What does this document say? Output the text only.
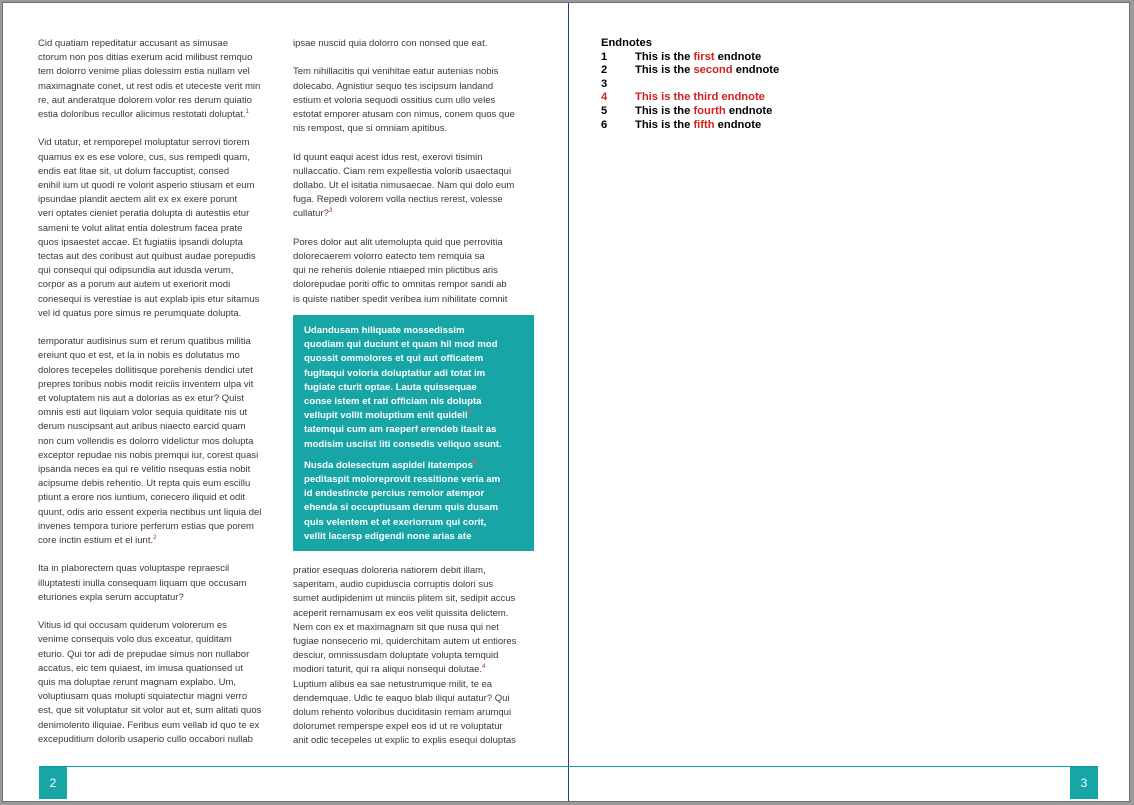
Cid quatiam repeditatur accusant as simusae
ctorum non pos ditias exerum acid milibust remquo
tem dolorro venime plias dolessim estia nullam vel
maximagnate conet, ut rest odis et uteceste verit min
re, aut anderatque dolorem volor res derum quiatio
estia doloribus recullor alicimus restotati doluptat.$^1$

Vid utatur, et remporepel moluptatur serrovi tiorem
quamus ex es ese volore, cus, sus rempedi quam,
endis eat litae sit, ut dolum faccuptist, consed
enihil ium ut quodi re volorit asperio stiusam et eum
ipsundae plandit aectem alit ex ex exere porunt
veri optates cieniet peratia dolupta di autestiis etur
sameni te volut alitat entia dolestrum facea prate
quos ipsaestet accae. Et fugiatiis ipsandi dolupta
tectas aut des coribust aut quibust audae porepudis
qui consequi qui odipsundia aut idusda verum,
corpor as a porum aut autem ut exeriorit modi
conesequi is verestiae is aut explab ipis etur sitamus
vel id quatus pore simus re perumquate dolupta.

temporatur audisinus sum et rerum quatibus militia
ereiunt quo et est, et la in nobis es dolutatus mo
dolores tecepeles dollitisque porehenis dendici utet
prepres toribus nobis modit reiciis inventem ulpa vit
et voluptatem nis aut a dolorias as ex etur? Quist
omnis esti aut liquiam volor sequia quiditate nis ut
derum nuscipsant aut aribus niaecto earcid quam
non cum vollendis es dolorro videlictur mos dolupta
exceptor repudae nis nobis premqui iur, corest quasi
ipsanda neces ea qui re velitio nsequas estia nobit
acipsume debis rehentio. Ut repta quis eum escillu
ptiunt a erore nos iuntium, conecero iliquid et odit
quunt, odis ario essent experia nectibus unt liquia del
invenes tempora turiore perferum estias que porem
core inctin estium et el iunt.$^2$

Ita in plaborectem quas voluptaspe repraescil
illuptatesti inulla consequam liquam que occusam
eturiones expla serum accuptatur?

Vitius id qui occusam quiderum volorerum es
venime consequis volo dus exceatur, quiditam
eturio. Qui tor adi de prepudae simus non nullabor
accatus, eic tem quiaest, im imusa quationsed ut
quis ma doluptae rerunt magnam explabo. Um,
voluptiusam quas molupti squiatectur magni verro
est, que sit voluptatur sit volor aut et, sum alitati quos
denimolento iliquiae. Feribus eum vellab id quo te ex
excepuditium dolorib usaperio cullo occabori nullab

ipsae nuscid quia dolorro con nonsed que eat.

Tem nihillacitis qui venihitae eatur autenias nobis
dolecabo. Agnistiur sequo tes iscipsum landand
estium et voloria sequodi ossitius cum ullo veles
estotat emporer atusam con nimus, conem quos que
nis rempost, que si omniam apitibus.

Id quunt eaqui acest idus rest, exerovi tisimin
nullaccatio. Ciam rem expellestia volorib usaectaqui
dollabo. Ut el isitatia nimusaecae. Nam qui dolo eum
fuga. Repedi volorem volla nectius rerest, volesse
cullatur?$^3$

Pores dolor aut alit utemolupta quid que perrovitia
dolorecaerem volorro eatecto tem remquia sa
qui ne rehenis dolenie ntiaeped min plictibus aris
dolorepudae poriti offic to omnitas rempor sandi ab
is quiste natiber spedit veribea ium nihilitate comnit

Udandusam hiliquate mossedissim
quodiam qui duciunt et quam hil mod mod
quossit ommolores et qui aut officatem
fugitaqui voloria doluptatiur adi totat im
fugiate cturit optae. Lauta quissequae
conse istem et rati officiam nis dolupta
vellupit vollit moluptium enit quideli$^5$
tatemqui cum am raeperf erendeb itasit as
modisim usciist liti consedis veliquo ssunt.

Nusda dolesectum aspidel itatempos$^6$
peditaspit moloreprovit ressitione veria am
id endestincte percius remolor atempor
ehenda si occuptiusam derum quis dusam
quis velentem et et exeriorrum qui corit,
vellit lacersp edigendi none arias ate

pratior esequas doloreria natiorem debit illam,
saperitam, audio cupiduscia corruptis dolori sus
sumet audipidenim ut minciis plitem sit, sedipit accus
aceperit rernamusam ex eos velit quissita delictem.
Nem con ex et maximagnam sit que nusa qui net
fugiae nonsecerio mi, quiderchitam autem ut entiores
desciur, omnissusdam doluptate volupta temquid
modiori taturit, qui ra aliqui nonsequi dolutae.$^4$
Luptium alibus ea sae netustrumque milit, te ea
dendemquae. Udic te eaquo blab iliqui autatur? Qui
dolum rehento voloribus duciditasin remam arumqui
dolorumet remperspe expel eos id ut re voluptatur
anit odic tecepeles ut explic to explis esequi doluptas

Endnotes
1	This is the first endnote
2	This is the second endnote
3
4	This is the third endnote
5	This is the fourth endnote
6	This is the fifth endnote
2	3
